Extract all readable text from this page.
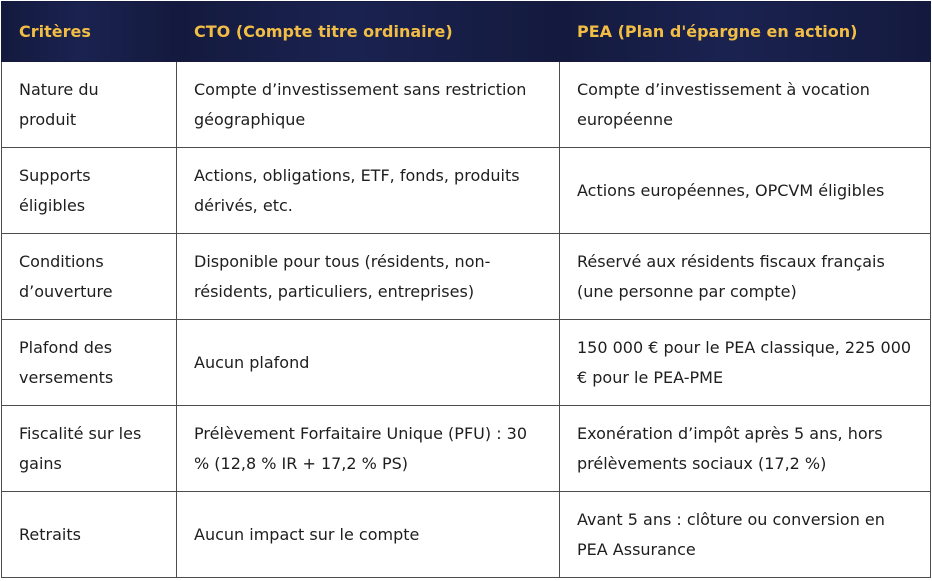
Critères	CTO (Compte titre ordinaire)	PEA (Plan d'épargne en action)
Nature du produit	Compte d’investissement sans restriction géographique	Compte d’investissement à vocation européenne
Supports éligibles	Actions, obligations, ETF, fonds, produits dérivés, etc.	Actions européennes, OPCVM éligibles
Conditions d’ouverture	Disponible pour tous (résidents, non-résidents, particuliers, entreprises)	Réservé aux résidents fiscaux français (une personne par compte)
Plafond des versements	Aucun plafond	150 000 € pour le PEA classique, 225 000 € pour le PEA-PME
Fiscalité sur les gains	Prélèvement Forfaitaire Unique (PFU) : 30 % (12,8 % IR + 17,2 % PS)	Exonération d’impôt après 5 ans, hors prélèvements sociaux (17,2 %)
Retraits	Aucun impact sur le compte	Avant 5 ans : clôture ou conversion en PEA Assurance
